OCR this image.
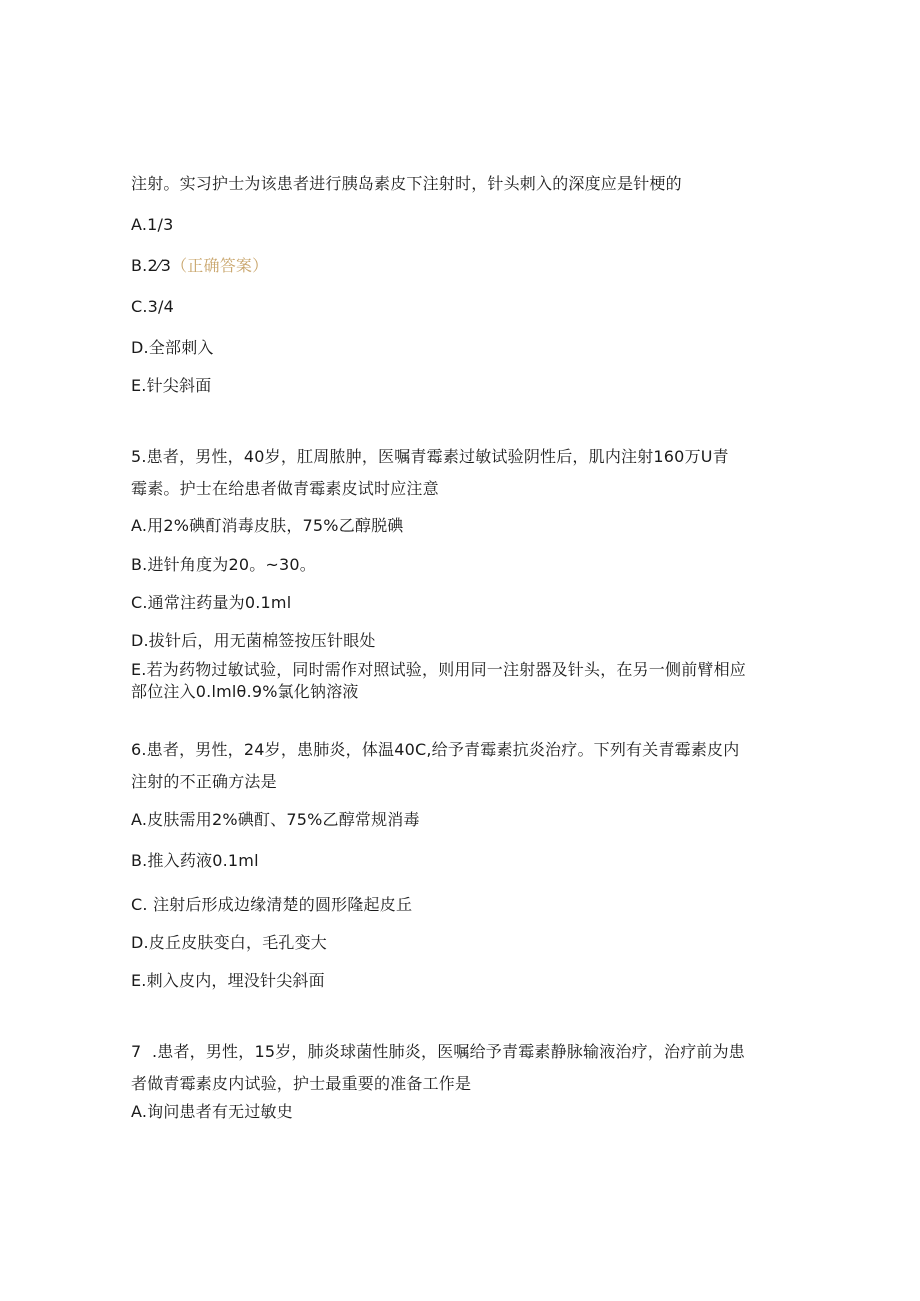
注射。实习护士为该患者进行胰岛素皮下注射时，针头刺入的深度应是针梗的
A.1/3
B.2⁄3（正确答案）
C.3/4
D.全部刺入
E.针尖斜面
5.患者，男性，40岁，肛周脓肿，医嘱青霉素过敏试验阴性后，肌内注射160万U青
霉素。护士在给患者做青霉素皮试时应注意
A.用2%碘酊消毒皮肤，75%乙醇脱碘
B.进针角度为20。~30。
C.通常注药量为0.1ml
D.拔针后，用无菌棉签按压针眼处
E.若为药物过敏试验，同时需作对照试验，则用同一注射器及针头，在另一侧前臂相应
部位注入0.lmlθ.9%氯化钠溶液
6.患者，男性，24岁，患肺炎，体温40C,给予青霉素抗炎治疗。下列有关青霉素皮内
注射的不正确方法是
A.皮肤需用2%碘酊、75%乙醇常规消毒
B.推入药液0.1ml
C. 注射后形成边缘清楚的圆形隆起皮丘
D.皮丘皮肤变白，毛孔变大
E.刺入皮内，埋没针尖斜面
7  .患者，男性，15岁，肺炎球菌性肺炎，医嘱给予青霉素静脉输液治疗，治疗前为患
者做青霉素皮内试验，护士最重要的准备工作是
A.询问患者有无过敏史
